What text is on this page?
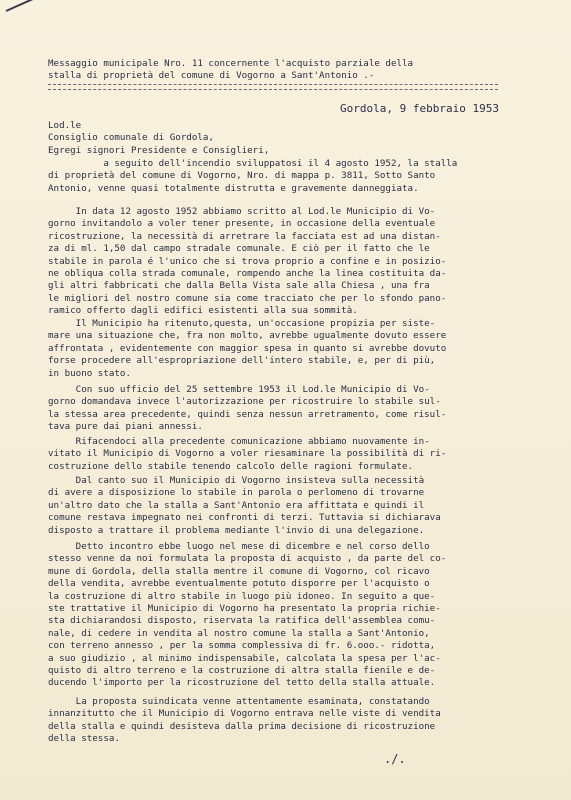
Messaggio municipale Nro. 11 concernente l'acquisto parziale della
stalla di proprietà del comune di Vogorno a Sant'Antonio .-
Gordola, 9 febbraio 1953
Lod.le
Consiglio comunale di Gordola,
Egregi signori Presidente e Consiglieri,
a seguito dell'incendio sviluppatosi il 4 agosto 1952, la stalla
di proprietà del comune di Vogorno, Nro. di mappa p. 3811, Sotto Santo
Antonio, venne quasi totalmente distrutta e gravemente danneggiata.
In data 12 agosto 1952 abbiamo scritto al Lod.le Municipio di Vo-
gorno invitandolo a voler tener presente, in occasione della eventuale
ricostruzione, la necessità di arretrare la facciata est ad una distan-
za di ml. 1,50 dal campo stradale comunale. E ciò per il fatto che le
stabile in parola é l'unico che si trova proprio a confine e in posizio-
ne obliqua colla strada comunale, rompendo anche la linea costituita da-
gli altri fabbricati che dalla Bella Vista sale alla Chiesa , una fra
le migliori del nostro comune sia come tracciato che per lo sfondo pano-
ramico offerto dagli edifici esistenti alla sua sommità.
Il Municipio ha ritenuto,questa, un'occasione propizia per siste-
mare una situazione che, fra non molto, avrebbe ugualmente dovuto essere
affrontata , evidentemente con maggior spesa in quanto si avrebbe dovuto
forse procedere all'espropriazione dell'intero stabile, e, per di più,
in buono stato.
Con suo ufficio del 25 settembre 1953 il Lod.le Municipio di Vo-
gorno domandava invece l'autorizzazione per ricostruire lo stabile sul-
la stessa area precedente, quindi senza nessun arretramento, come risul-
tava pure dai piani annessi.
Rifacendoci alla precedente comunicazione abbiamo nuovamente in-
vitato il Municipio di Vogorno a voler riesaminare la possibilità di ri-
costruzione dello stabile tenendo calcolo delle ragioni formulate.
Dal canto suo il Municipio di Vogorno insisteva sulla necessità
di avere a disposizione lo stabile in parola o perlomeno di trovarne
un'altro dato che la stalla a Sant'Antonio era affittata e quindi il
comune restava impegnato nei confronti di terzi. Tuttavia si dichiarava
disposto a trattare il problema mediante l'invio di una delegazione.
Detto incontro ebbe luogo nel mese di dicembre e nel corso dello
stesso venne da noi formulata la proposta di acquisto , da parte del co-
mune di Gordola, della stalla mentre il comune di Vogorno, col ricavo
della vendita, avrebbe eventualmente potuto disporre per l'acquisto o
la costruzione di altro stabile in luogo più idoneo. In seguito a que-
ste trattative il Municipio di Vogorno ha presentato la propria richie-
sta dichiarandosi disposto, riservata la ratifica dell'assemblea comu-
nale, di cedere in vendita al nostro comune la stalla a Sant'Antonio,
con terreno annesso , per la somma complessiva di fr. 6.ooo.- ridotta,
a suo giudizio , al minimo indispensabile, calcolata la spesa per l'ac-
quisto di altro terreno e la costruzione di altra stalla fienile e de-
ducendo l'importo per la ricostruzione del tetto della stalla attuale.
La proposta suindicata venne attentamente esaminata, constatando
innanzitutto che il Municipio di Vogorno entrava nelle viste di vendita
della stalla e quindi desisteva dalla prima decisione di ricostruzione
della stessa.
./.
